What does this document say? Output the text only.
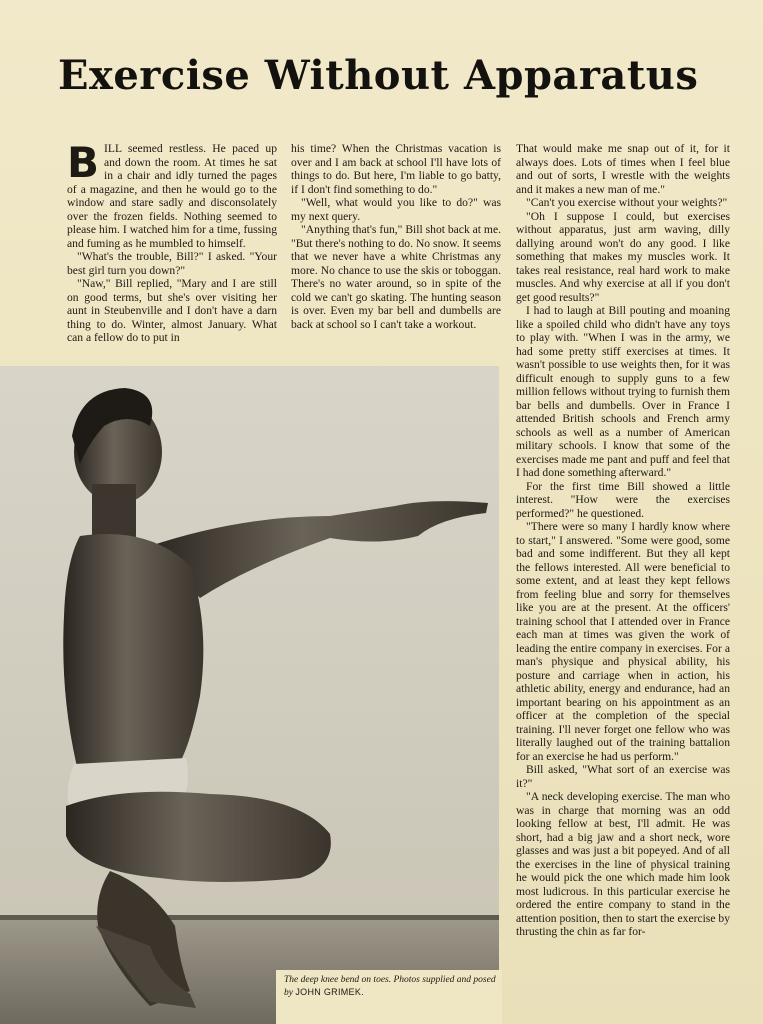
Exercise Without Apparatus

BILL seemed restless. He paced up and down the room. At times he sat in a chair and idly turned the pages of a magazine, and then he would go to the window and stare sadly and disconsolately over the frozen fields. Nothing seemed to please him. I watched him for a time, fussing and fuming as he mumbled to himself.

"What's the trouble, Bill?" I asked. "Your best girl turn you down?"

"Naw," Bill replied, "Mary and I are still on good terms, but she's over visiting her aunt in Steubenville and I don't have a darn thing to do. Winter, almost January. What can a fellow do to put in

his time? When the Christmas vacation is over and I am back at school I'll have lots of things to do. But here, I'm liable to go batty, if I don't find something to do."

"Well, what would you like to do?" was my next query.

"Anything that's fun," Bill shot back at me. "But there's nothing to do. No snow. It seems that we never have a white Christmas any more. No chance to use the skis or toboggan. There's no water around, so in spite of the cold we can't go skating. The hunting season is over. Even my bar bell and dumbells are back at school so I can't take a workout.

That would make me snap out of it, for it always does. Lots of times when I feel blue and out of sorts, I wrestle with the weights and it makes a new man of me."

"Can't you exercise without your weights?"

"Oh I suppose I could, but exercises without apparatus, just arm waving, dilly dallying around won't do any good. I like something that makes my muscles work. It takes real resistance, real hard work to make muscles. And why exercise at all if you don't get good results?"

I had to laugh at Bill pouting and moaning like a spoiled child who didn't have any toys to play with. "When I was in the army, we had some pretty stiff exercises at times. It wasn't possible to use weights then, for it was difficult enough to supply guns to a few million fellows without trying to furnish them bar bells and dumbells. Over in France I attended British schools and French army schools as well as a number of American military schools. I know that some of the exercises made me pant and puff and feel that I had done something afterward."

For the first time Bill showed a little interest. "How were the exercises performed?" he questioned.

"There were so many I hardly know where to start," I answered. "Some were good, some bad and some indifferent. But they all kept the fellows interested. All were beneficial to some extent, and at least they kept fellows from feeling blue and sorry for themselves like you are at the present. At the officers' training school that I attended over in France each man at times was given the work of leading the entire company in exercises. For a man's physique and physical ability, his posture and carriage when in action, his athletic ability, energy and endurance, had an important bearing on his appointment as an officer at the completion of the special training. I'll never forget one fellow who was literally laughed out of the training battalion for an exercise he had us perform."

Bill asked, "What sort of an exercise was it?"

"A neck developing exercise. The man who was in charge that morning was an odd looking fellow at best, I'll admit. He was short, had a big jaw and a short neck, wore glasses and was just a bit popeyed. And of all the exercises in the line of physical training he would pick the one which made him look most ludicrous. In this particular exercise he ordered the entire company to stand in the attention position, then to start the exercise by thrusting the chin as far for-

The deep knee bend on toes. Photos supplied and posed by JOHN GRIMEK.
